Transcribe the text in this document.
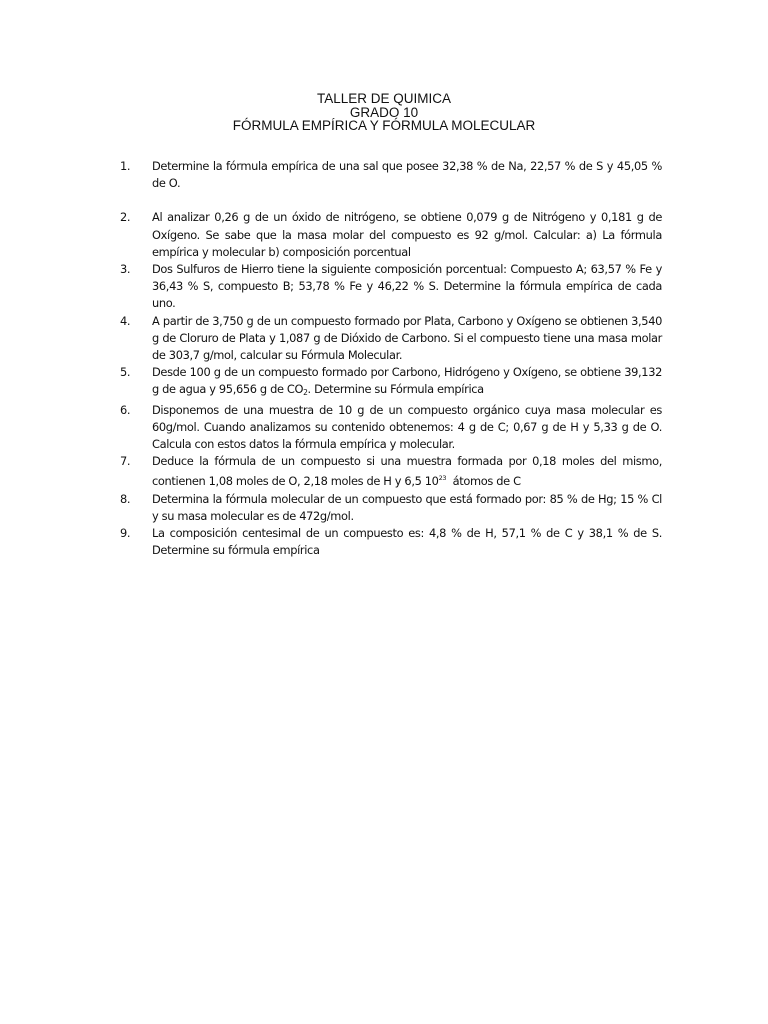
TALLER DE QUIMICA
GRADO 10
FÓRMULA EMPÍRICA Y FÓRMULA MOLECULAR
1. Determine la fórmula empírica de una sal que posee 32,38 % de Na, 22,57 % de S y 45,05 % de O.
2. Al analizar 0,26 g de un óxido de nitrógeno, se obtiene 0,079 g de Nitrógeno y 0,181 g de Oxígeno. Se sabe que la masa molar del compuesto es 92 g/mol. Calcular: a) La fórmula empírica y molecular b) composición porcentual
3. Dos Sulfuros de Hierro tiene la siguiente composición porcentual: Compuesto A; 63,57 % Fe y 36,43 % S, compuesto B; 53,78 % Fe y 46,22 % S. Determine la fórmula empírica de cada uno.
4. A partir de 3,750 g de un compuesto formado por Plata, Carbono y Oxígeno se obtienen 3,540 g de Cloruro de Plata y 1,087 g de Dióxido de Carbono. Si el compuesto tiene una masa molar de 303,7 g/mol, calcular su Fórmula Molecular.
5. Desde 100 g de un compuesto formado por Carbono, Hidrógeno y Oxígeno, se obtiene 39,132 g de agua y 95,656 g de $CO_2$. Determine su Fórmula empírica
6. Disponemos de una muestra de 10 g de un compuesto orgánico cuya masa molecular es 60g/mol. Cuando analizamos su contenido obtenemos: 4 g de C; 0,67 g de H y 5,33 g de O. Calcula con estos datos la fórmula empírica y molecular.
7. Deduce la fórmula de un compuesto si una muestra formada por 0,18 moles del mismo, contienen 1,08 moles de O, 2,18 moles de H y 6,5 $10^{23}$  átomos de C
8. Determina la fórmula molecular de un compuesto que está formado por: 85 % de Hg; 15 % Cl y su masa molecular es de 472g/mol.
9. La composición centesimal de un compuesto es: 4,8 % de H, 57,1 % de C y 38,1 % de S. Determine su fórmula empírica
